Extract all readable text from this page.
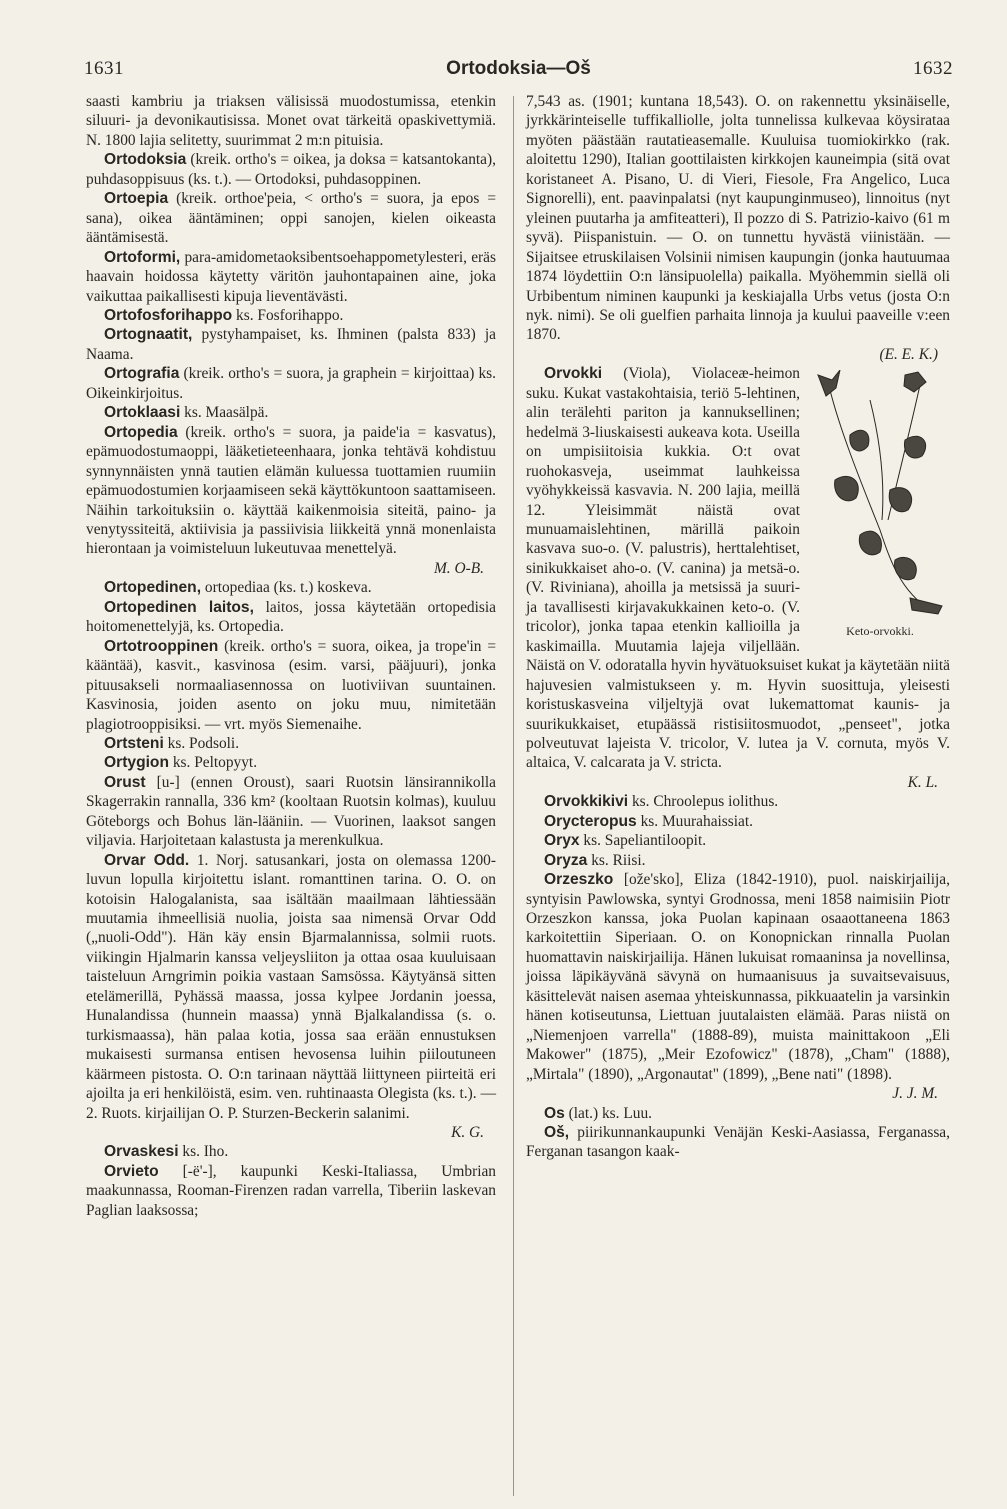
1631	Ortodoksia—Oš	1632

saasti kambriu ja triaksen välisissä muodostumissa, etenkin siluuri- ja devonikautisissa. Monet ovat tärkeitä opaskivettymiä. N. 1800 lajia selitetty, suurimmat 2 m:n pituisia.

Ortodoksia (kreik. ortho's = oikea, ja doksa = katsantokanta), puhdasoppisuus (ks. t.). — Ortodoksi, puhdasoppinen.

Ortoepia (kreik. orthoe'peia, < ortho's = suora, ja epos = sana), oikea ääntäminen; oppi sanojen, kielen oikeasta ääntämisestä.

Ortoformi, para-amidometaoksibentsoehappometylesteri, eräs haavain hoidossa käytetty väritön jauhontapainen aine, joka vaikuttaa paikallisesti kipuja lieventävästi.

Ortofosforihappo ks. Fosforihappo.

Ortognaatit, pystyhampaiset, ks. Ihminen (palsta 833) ja Naama.

Ortografia (kreik. ortho's = suora, ja graphein = kirjoittaa) ks. Oikeinkirjoitus.

Ortoklaasi ks. Maasälpä.

Ortopedia (kreik. ortho's = suora, ja paide'ia = kasvatus), epämuodostumaoppi, lääketieteenhaara, jonka tehtävä kohdistuu synnynnäisten ynnä tautien elämän kuluessa tuottamien ruumiin epämuodostumien korjaamiseen sekä käyttökuntoon saattamiseen. Näihin tarkoituksiin o. käyttää kaikenmoisia siteitä, paino- ja venytyssiteitä, aktiivisia ja passiivisia liikkeitä ynnä monenlaista hierontaan ja voimisteluun lukeutuvaa menettelyä.

M. O-B.

Ortopedinen, ortopediaa (ks. t.) koskeva.

Ortopedinen laitos, laitos, jossa käytetään ortopedisia hoitomenettelyjä, ks. Ortopedia.

Ortotrooppinen (kreik. ortho's = suora, oikea, ja trope'in = kääntää), kasvit., kasvinosa (esim. varsi, pääjuuri), jonka pituusakseli normaaliasennossa on luotiviivan suuntainen. Kasvinosia, joiden asento on joku muu, nimitetään plagiotrooppisiksi. — vrt. myös Siemenaihe.

Ortsteni ks. Podsoli.

Ortygion ks. Peltopyyt.

Orust [u-] (ennen Oroust), saari Ruotsin länsirannikolla Skagerrakin rannalla, 336 km² (kooltaan Ruotsin kolmas), kuuluu Göteborgs och Bohus län-lääniin. — Vuorinen, laaksot sangen viljavia. Harjoitetaan kalastusta ja merenkulkua.

Orvar Odd. 1. Norj. satusankari, josta on olemassa 1200-luvun lopulla kirjoitettu islant. romanttinen tarina. O. O. on kotoisin Halogalanista, saa isältään maailmaan lähtiessään muutamia ihmeellisiä nuolia, joista saa nimensä Orvar Odd („nuoli-Odd"). Hän käy ensin Bjarmalannissa, solmii ruots. viikingin Hjalmarin kanssa veljeysliiton ja ottaa osaa kuuluisaan taisteluun Arngrimin poikia vastaan Samsössa. Käytyänsä sitten etelämerillä, Pyhässä maassa, jossa kylpee Jordanin joessa, Hunalandissa (hunnein maassa) ynnä Bjalkalandissa (s. o. turkismaassa), hän palaa kotia, jossa saa erään ennustuksen mukaisesti surmansa entisen hevosensa luihin piiloutuneen käärmeen pistosta. O. O:n tarinaan näyttää liittyneen piirteitä eri ajoilta ja eri henkilöistä, esim. ven. ruhtinaasta Olegista (ks. t.). — 2. Ruots. kirjailijan O. P. Sturzen-Beckerin salanimi.

K. G.

Orvaskesi ks. Iho.

Orvieto [-ë'-], kaupunki Keski-Italiassa, Umbrian maakunnassa, Rooman-Firenzen radan varrella, Tiberiin laskevan Paglian laaksossa;

7,543 as. (1901; kuntana 18,543). O. on rakennettu yksinäiselle, jyrkkärinteiselle tuffikalliolle, jolta tunnelissa kulkevaa köysirataa myöten päästään rautatieasemalle. Kuuluisa tuomiokirkko (rak. aloitettu 1290), Italian goottilaisten kirkkojen kauneimpia (sitä ovat koristaneet A. Pisano, U. di Vieri, Fiesole, Fra Angelico, Luca Signorelli), ent. paavinpalatsi (nyt kaupunginmuseo), linnoitus (nyt yleinen puutarha ja amfiteatteri), Il pozzo di S. Patrizio-kaivo (61 m syvä). Piispanistuin. — O. on tunnettu hyvästä viinistään. — Sijaitsee etruskilaisen Volsinii nimisen kaupungin (jonka hautuumaa 1874 löydettiin O:n länsipuolella) paikalla. Myöhemmin siellä oli Urbibentum niminen kaupunki ja keskiajalla Urbs vetus (josta O:n nyk. nimi). Se oli guelfien parhaita linnoja ja kuului paaveille v:een 1870.

(E. E. K.)

Keto-orvokki.

Orvokki (Viola), Violaceæ-heimon suku. Kukat vastakohtaisia, teriö 5-lehtinen, alin terälehti pariton ja kannuksellinen; hedelmä 3-liuskaisesti aukeava kota. Useilla on umpisiitoisia kukkia. O:t ovat ruohokasveja, useimmat lauhkeissa vyöhykkeissä kasvavia. N. 200 lajia, meillä 12. Yleisimmät näistä ovat munuamaislehtinen, märillä paikoin kasvava suo-o. (V. palustris), herttalehtiset, sinikukkaiset aho-o. (V. canina) ja metsä-o. (V. Riviniana), ahoilla ja metsissä ja suuri- ja tavallisesti kirjavakukkainen keto-o. (V. tricolor), jonka tapaa etenkin kallioilla ja kaskimailla. Muutamia lajeja viljellään. Näistä on V. odoratalla hyvin hyvätuoksuiset kukat ja käytetään niitä hajuvesien valmistukseen y. m. Hyvin suosittuja, yleisesti koristuskasveina viljeltyjä ovat lukemattomat kaunis- ja suurikukkaiset, etupäässä ristisiitosmuodot, „penseet", jotka polveutuvat lajeista V. tricolor, V. lutea ja V. cornuta, myös V. altaica, V. calcarata ja V. stricta.

K. L.

Orvokkikivi ks. Chroolepus iolithus.

Orycteropus ks. Muurahaissiat.

Oryx ks. Sapeliantiloopit.

Oryza ks. Riisi.

Orzeszko [ože'sko], Eliza (1842-1910), puol. naiskirjailija, syntyisin Pawlowska, syntyi Grodnossa, meni 1858 naimisiin Piotr Orzeszkon kanssa, joka Puolan kapinaan osaaottaneena 1863 karkoitettiin Siperiaan. O. on Konopnickan rinnalla Puolan huomattavin naiskirjailija. Hänen lukuisat romaaninsa ja novellinsa, joissa läpikäyvänä sävynä on humaanisuus ja suvaitsevaisuus, käsittelevät naisen asemaa yhteiskunnassa, pikkuaatelin ja varsinkin hänen kotiseutunsa, Liettuan juutalaisten elämää. Paras niistä on „Niemenjoen varrella" (1888-89), muista mainittakoon „Eli Makower" (1875), „Meir Ezofowicz" (1878), „Cham" (1888), „Mirtala" (1890), „Argonautat" (1899), „Bene nati" (1898).

J. J. M.

Os (lat.) ks. Luu.

Oš, piirikunnankaupunki Venäjän Keski-Aasiassa, Ferganassa, Ferganan tasangon kaak-
